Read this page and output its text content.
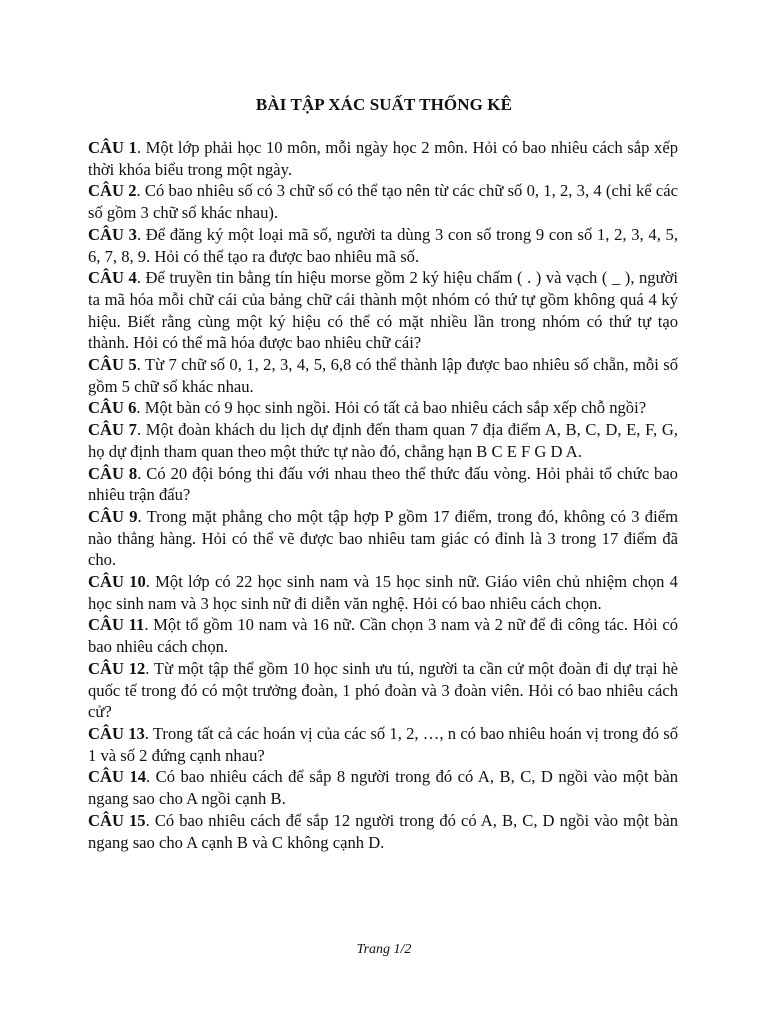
BÀI TẬP XÁC SUẤT THỐNG KÊ

CÂU 1. Một lớp phải học 10 môn, mỗi ngày học 2 môn. Hỏi có bao nhiêu cách sắp xếp thời khóa biểu trong một ngày.

CÂU 2. Có bao nhiêu số có 3 chữ số có thể tạo nên từ các chữ số 0, 1, 2, 3, 4 (chỉ kể các số gồm 3 chữ số khác nhau).

CÂU 3. Để đăng ký một loại mã số, người ta dùng 3 con số trong 9 con số 1, 2, 3, 4, 5, 6, 7, 8, 9. Hỏi có thể tạo ra được bao nhiêu mã số.

CÂU 4. Để truyền tin bằng tín hiệu morse gồm 2 ký hiệu chấm ( . ) và vạch ( _ ), người ta mã hóa mỗi chữ cái của bảng chữ cái thành một nhóm có thứ tự gồm không quá 4 ký hiệu. Biết rằng cùng một ký hiệu có thể có mặt nhiều lần trong nhóm có thứ tự tạo thành. Hỏi có thể mã hóa được bao nhiêu chữ cái?

CÂU 5. Từ 7 chữ số 0, 1, 2, 3, 4, 5, 6,8 có thể thành lập được bao nhiêu số chẵn, mỗi số gồm 5 chữ số khác nhau.

CÂU 6. Một bàn có 9 học sinh ngồi. Hỏi có tất cả bao nhiêu cách sắp xếp chỗ ngồi?

CÂU 7. Một đoàn khách du lịch dự định đến tham quan 7 địa điểm A, B, C, D, E, F, G, họ dự định tham quan theo một thức tự nào đó, chẳng hạn B C E F G D A.

CÂU 8. Có 20 đội bóng thi đấu với nhau theo thể thức đấu vòng. Hỏi phải tổ chức bao nhiêu trận đấu?

CÂU 9. Trong mặt phẳng cho một tập hợp P gồm 17 điểm, trong đó, không có 3 điểm nào thẳng hàng. Hỏi có thể vẽ được bao nhiêu tam giác có đỉnh là 3 trong 17 điểm đã cho.

CÂU 10. Một lớp có 22 học sinh nam và 15 học sinh nữ. Giáo viên chủ nhiệm chọn 4 học sinh nam và 3 học sinh nữ đi diễn văn nghệ. Hỏi có bao nhiêu cách chọn.

CÂU 11. Một tổ gồm 10 nam và 16 nữ. Cần chọn 3 nam và 2 nữ để đi công tác. Hỏi có bao nhiêu cách chọn.

CÂU 12. Từ một tập thể gồm 10 học sinh ưu tú, người ta cần cử một đoàn đi dự trại hè quốc tế trong đó có một trưởng đoàn, 1 phó đoàn và 3 đoàn viên. Hỏi có bao nhiêu cách cử?

CÂU 13. Trong tất cả các hoán vị của các số 1, 2, …, n có bao nhiêu hoán vị trong đó số 1 và số 2 đứng cạnh nhau?

CÂU 14. Có bao nhiêu cách để sắp 8 người trong đó có A, B, C, D ngồi vào một bàn ngang sao cho A ngồi cạnh B.

CÂU 15. Có bao nhiêu cách để sắp 12 người trong đó có A, B, C, D ngồi vào một bàn ngang sao cho A cạnh B và C không cạnh D.

Trang 1/2
